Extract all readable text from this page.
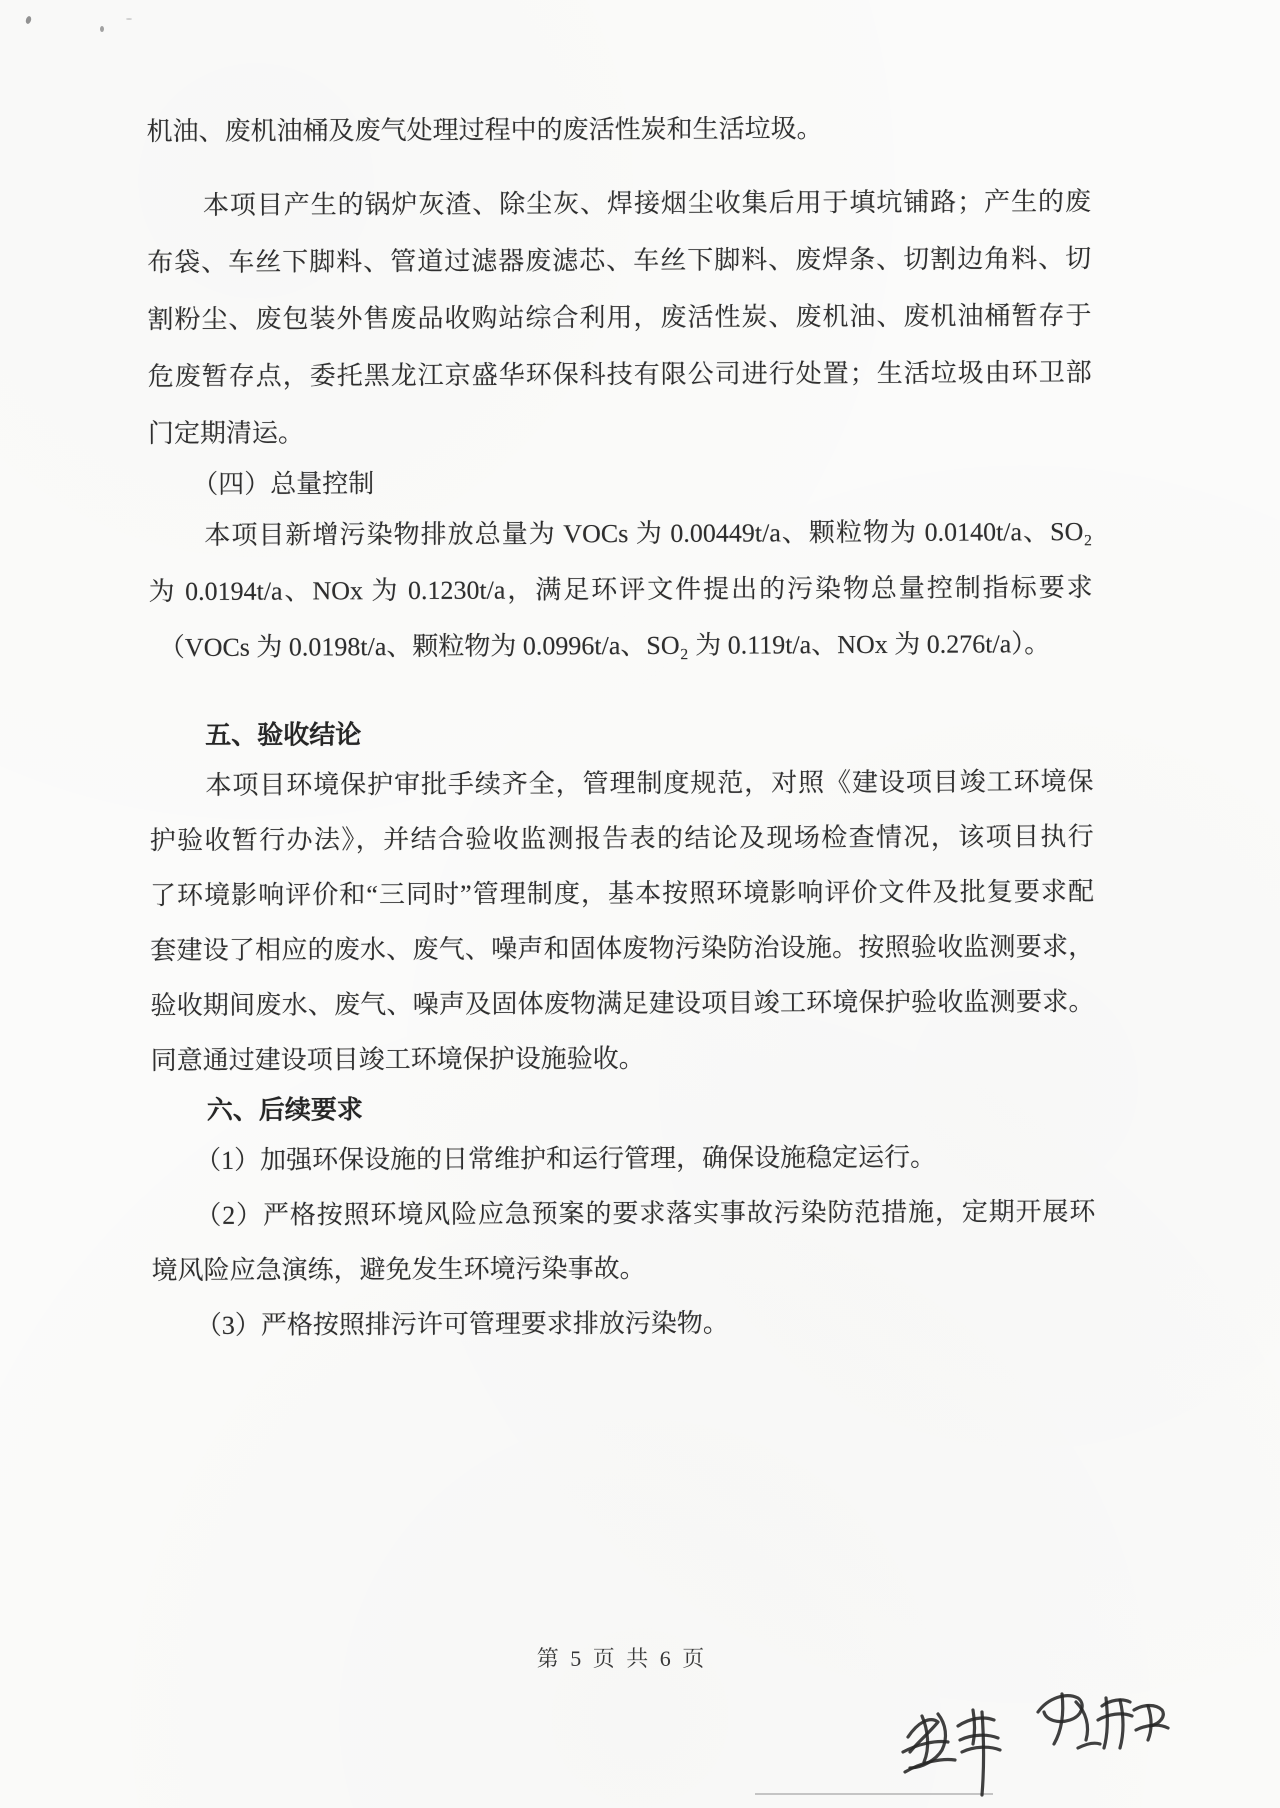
机油、废机油桶及废气处理过程中的废活性炭和生活垃圾。
本项目产生的锅炉灰渣、除尘灰、焊接烟尘收集后用于填坑铺路；产生的废
布袋、车丝下脚料、管道过滤器废滤芯、车丝下脚料、废焊条、切割边角料、切
割粉尘、废包装外售废品收购站综合利用，废活性炭、废机油、废机油桶暂存于
危废暂存点，委托黑龙江京盛华环保科技有限公司进行处置；生活垃圾由环卫部
门定期清运。
（四）总量控制
本项目新增污染物排放总量为 VOCs 为 0.00449t/a、颗粒物为 0.0140t/a、SO₂
为 0.0194t/a、NOx 为 0.1230t/a，满足环评文件提出的污染物总量控制指标要求
（VOCs 为 0.0198t/a、颗粒物为 0.0996t/a、SO₂ 为 0.119t/a、NOx 为 0.276t/a）。
五、验收结论
本项目环境保护审批手续齐全，管理制度规范，对照《建设项目竣工环境保
护验收暂行办法》，并结合验收监测报告表的结论及现场检查情况，该项目执行
了环境影响评价和“三同时”管理制度，基本按照环境影响评价文件及批复要求配
套建设了相应的废水、废气、噪声和固体废物污染防治设施。按照验收监测要求，
验收期间废水、废气、噪声及固体废物满足建设项目竣工环境保护验收监测要求。
同意通过建设项目竣工环境保护设施验收。
六、后续要求
（1）加强环保设施的日常维护和运行管理，确保设施稳定运行。
（2）严格按照环境风险应急预案的要求落实事故污染防范措施，定期开展环
境风险应急演练，避免发生环境污染事故。
（3）严格按照排污许可管理要求排放污染物。
第 5 页 共 6 页
